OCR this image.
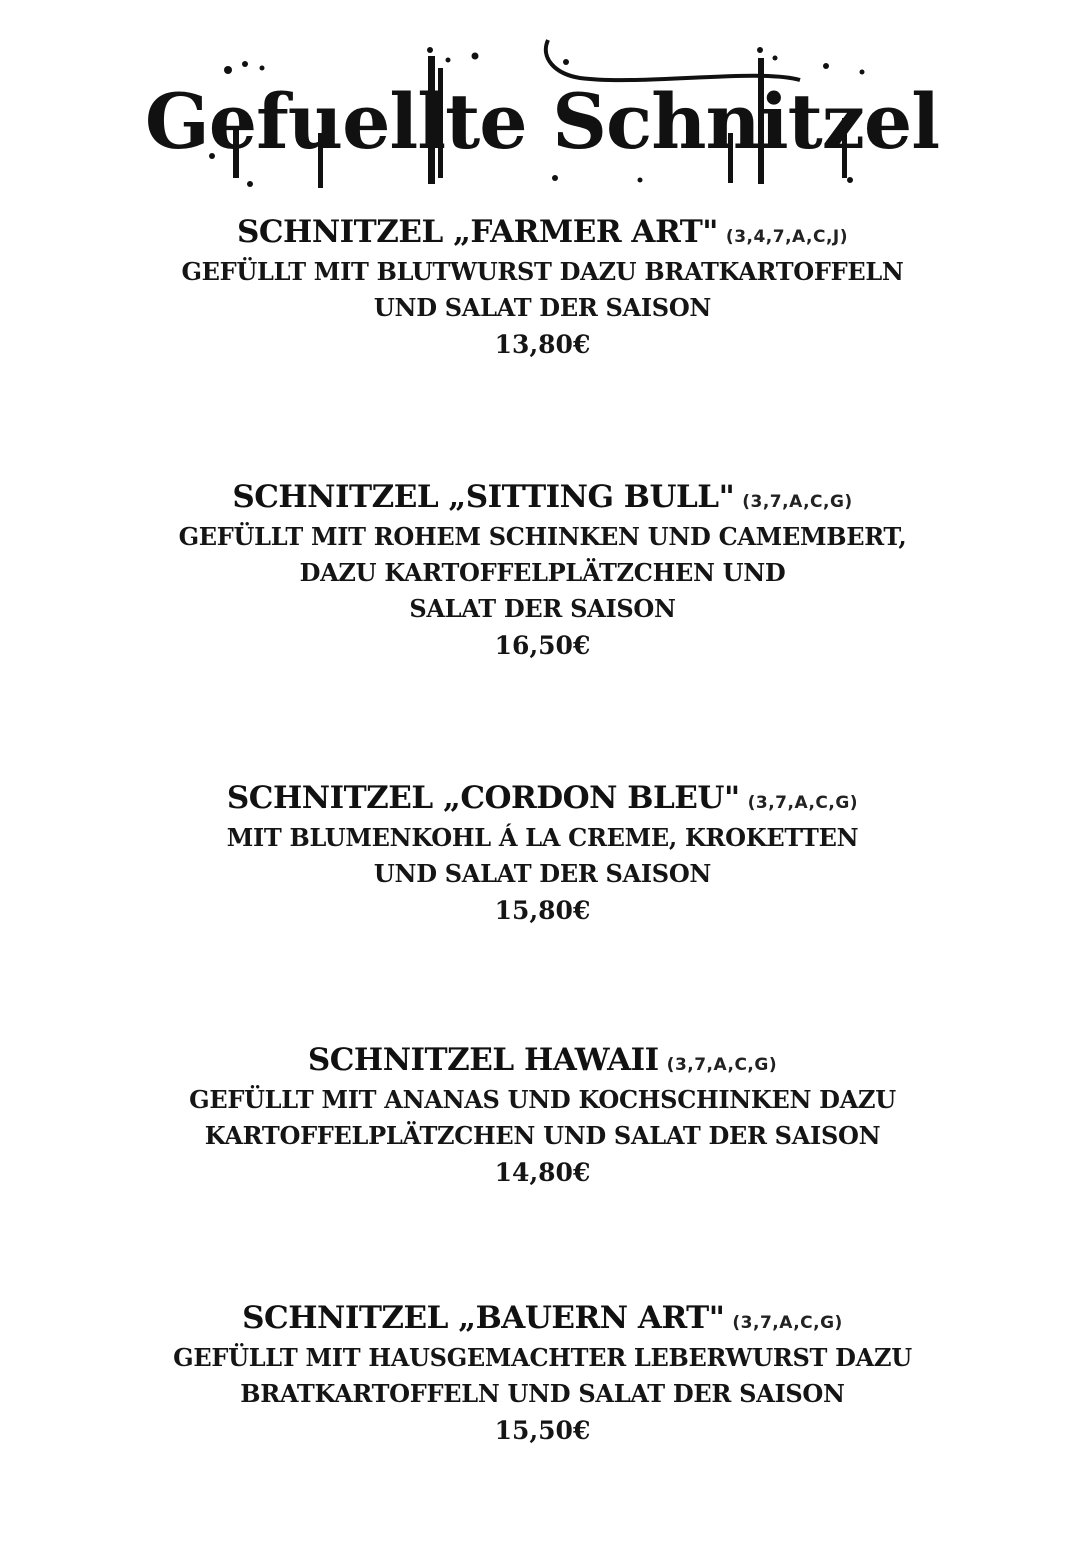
Gefuellte Schnitzel
SCHNITZEL „FARMER ART" (3,4,7,A,C,J)
GEFÜLLT MIT BLUTWURST DAZU BRATKARTOFFELN
UND SALAT DER SAISON
13,80€
SCHNITZEL „SITTING BULL" (3,7,A,C,G)
GEFÜLLT MIT ROHEM SCHINKEN UND CAMEMBERT,
DAZU KARTOFFELPLÄTZCHEN UND
SALAT DER SAISON
16,50€
SCHNITZEL „CORDON BLEU" (3,7,A,C,G)
MIT BLUMENKOHL Á LA CREME, KROKETTEN
UND SALAT DER SAISON
15,80€
SCHNITZEL HAWAII (3,7,A,C,G)
GEFÜLLT MIT ANANAS UND KOCHSCHINKEN DAZU
KARTOFFELPLÄTZCHEN UND SALAT DER SAISON
14,80€
SCHNITZEL „BAUERN ART" (3,7,A,C,G)
GEFÜLLT MIT HAUSGEMACHTER LEBERWURST DAZU
BRATKARTOFFELN UND SALAT DER SAISON
15,50€
